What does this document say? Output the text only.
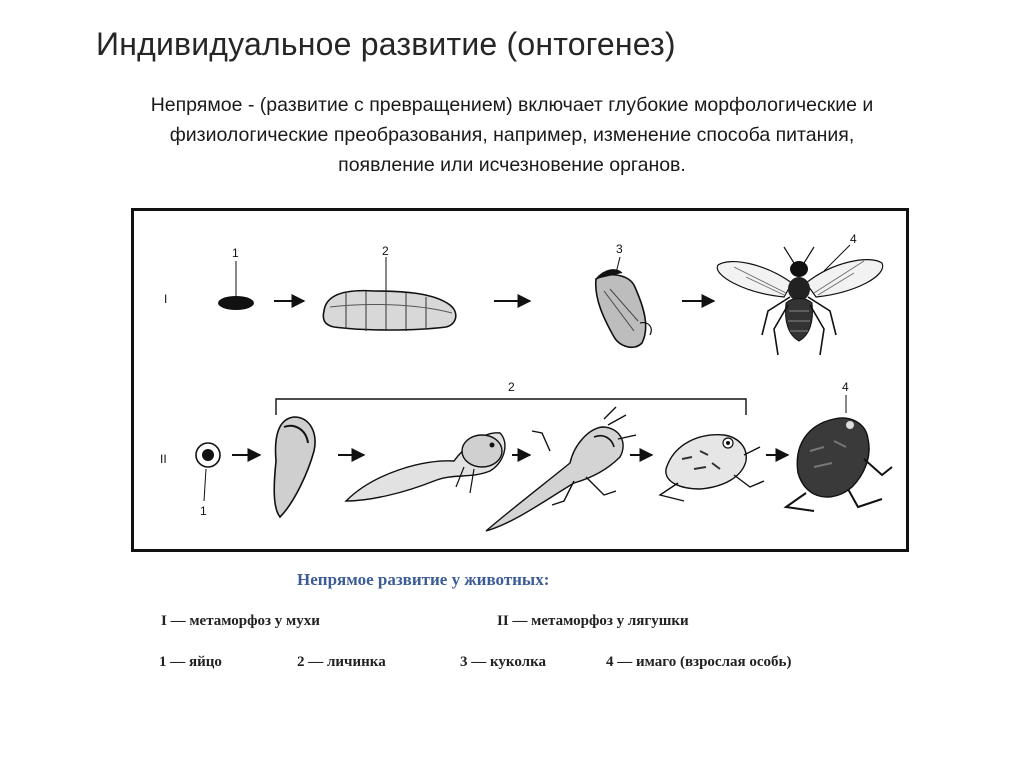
Индивидуальное развитие (онтогенез)
Непрямое - (развитие с превращением) включает глубокие морфологические и
физиологические преобразования, например, изменение способа питания,
появление или исчезновение органов.
I
1	2	3
4
2
II
1
4
Непрямое развитие у животных:
I — метаморфоз у мухи	II — метаморфоз у лягушки
1 — яйцо	2 — личинка	3 — куколка	4 — имаго (взрослая особь)
